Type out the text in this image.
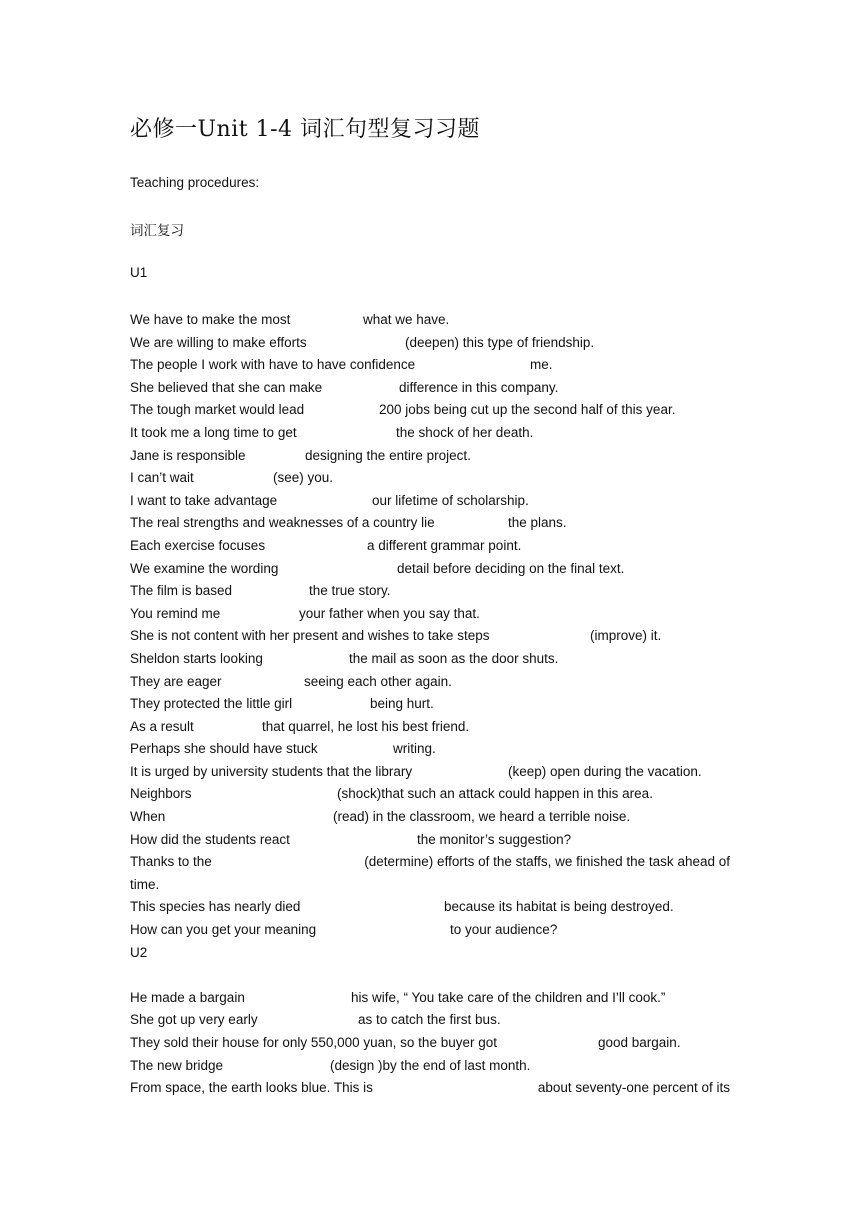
必修一Unit 1-4 词汇句型复习习题
Teaching procedures:
词汇复习
U1
We have to make the most	what we have.
We are willing to make efforts	(deepen) this type of friendship.
The people I work with have to have confidence	me.
She believed that she can make	difference in this company.
The tough market would lead	200 jobs being cut up the second half of this year.
It took me a long time to get	the shock of her death.
Jane is responsible	designing the entire project.
I can’t wait	(see) you.
I want to take advantage	our lifetime of scholarship.
The real strengths and weaknesses of a country lie	the plans.
Each exercise focuses	a different grammar point.
We examine the wording	detail before deciding on the final text.
The film is based	the true story.
You remind me	your father when you say that.
She is not content with her present and wishes to take steps	(improve) it.
Sheldon starts looking	the mail as soon as the door shuts.
They are eager	seeing each other again.
They protected the little girl	being hurt.
As a result	that quarrel, he lost his best friend.
Perhaps she should have stuck	writing.
It is urged by university students that the library	(keep) open during the vacation.
Neighbors	(shock)that such an attack could happen in this area.
When	(read) in the classroom, we heard a terrible noise.
How did the students react	the monitor’s suggestion?
Thanks to the	(determine) efforts of the staffs, we finished the task ahead of
time.
This species has nearly died	because its habitat is being destroyed.
How can you get your meaning	to your audience?
U2
He made a bargain	his wife, “ You take care of the children and I’ll cook.”
She got up very early	as to catch the first bus.
They sold their house for only 550,000 yuan, so the buyer got	good bargain.
The new bridge	(design )by the end of last month.
From space, the earth looks blue. This is	about seventy-one percent of its
